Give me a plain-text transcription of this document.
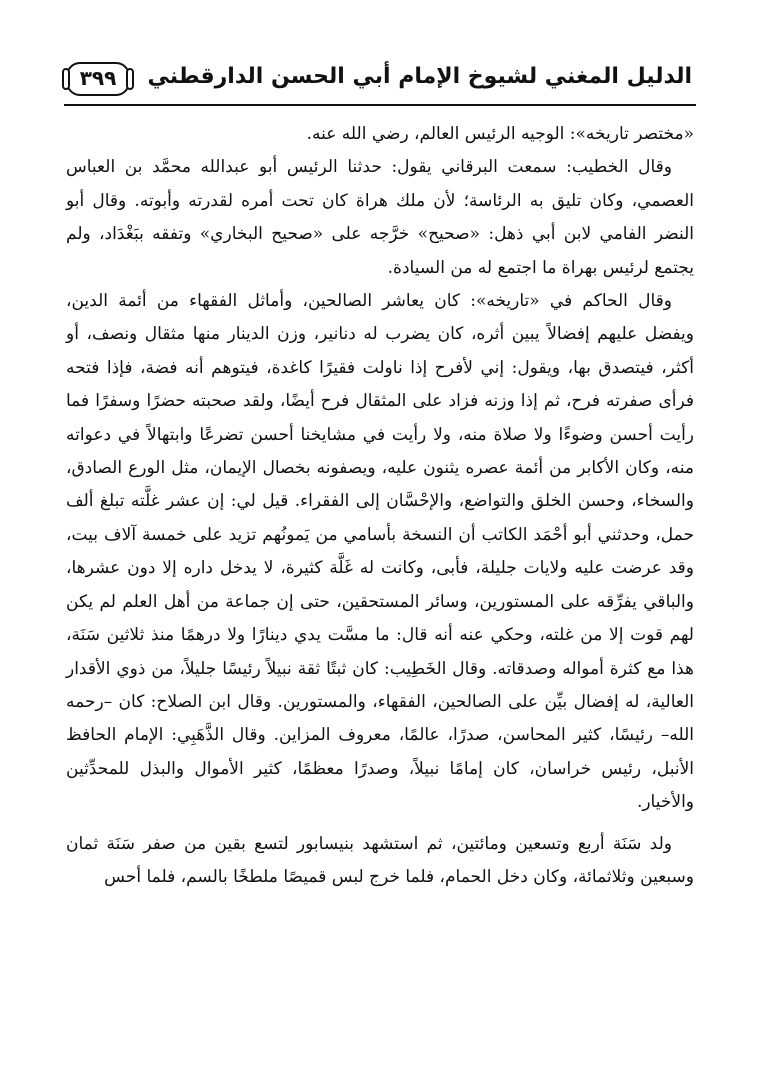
الدليل المغني لشيوخ الإمام أبي الحسن الدارقطني
٣٩٩

«مختصر تاريخه»: الوجيه الرئيس العالم، رضي الله عنه.

وقال الخطيب: سمعت البرقاني يقول: حدثنا الرئيس أبو عبدالله محمَّد بن العباس العصمي، وكان تليق به الرئاسة؛ لأن ملك هراة كان تحت أمره لقدرته وأبوته. وقال أبو النضر الفامي لابن أبي ذهل: «صحيح» خرَّجه على «صحيح البخاري» وتفقه ببَغْدَاد، ولم يجتمع لرئيس بهراة ما اجتمع له من السيادة.

وقال الحاكم في «تاريخه»: كان يعاشر الصالحين، وأماثل الفقهاء من أئمة الدين، ويفضل عليهم إفضالاً يبين أثره، كان يضرب له دنانير، وزن الدينار منها مثقال ونصف، أو أكثر، فيتصدق بها، ويقول: إني لأفرح إذا ناولت فقيرًا كاغدة، فيتوهم أنه فضة، فإذا فتحه فرأى صفرته فرح، ثم إذا وزنه فزاد على المثقال فرح أيضًا، ولقد صحبته حضرًا وسفرًا فما رأيت أحسن وضوءًا ولا صلاة منه، ولا رأيت في مشايخنا أحسن تضرعًا وابتهالاً في دعواته منه، وكان الأكابر من أئمة عصره يثنون عليه، ويصفونه بخصال الإيمان، مثل الورع الصادق، والسخاء، وحسن الخلق والتواضع، والإحْسَّان إلى الفقراء. قيل لي: إن عشر غلَّته تبلغ ألف حمل، وحدثني أبو أحْمَد الكاتب أن النسخة بأسامي من يَمونُهم تزيد على خمسة آلاف بيت، وقد عرضت عليه ولايات جليلة، فأبى، وكانت له غَلَّة كثيرة، لا يدخل داره إلا دون عشرها، والباقي يفرِّقه على المستورين، وسائر المستحقين، حتى إن جماعة من أهل العلم لم يكن لهم قوت إلا من غلته، وحكي عنه أنه قال: ما مسَّت يدي دينارًا ولا درهمًا منذ ثلاثين سَنَة، هذا مع كثرة أمواله وصدقاته. وقال الخَطِيب: كان ثبتًا ثقة نبيلاً رئيسًا جليلاً، من ذوي الأقدار العالية، له إفضال بيِّن على الصالحين، الفقهاء، والمستورين. وقال ابن الصلاح: كان –رحمه الله– رئيسًا، كثير المحاسن، صدرًا، عالمًا، معروف المزاين. وقال الذَّهَبِي: الإمام الحافظ الأنبل، رئيس خراسان، كان إمامًا نبيلاً، وصدرًا معظمًا، كثير الأموال والبذل للمحدِّثين والأخيار.

ولد سَنَة أربع وتسعين ومائتين، ثم استشهد بنيسابور لتسع بقين من صفر سَنَة ثمان وسبعين وثلاثمائة، وكان دخل الحمام، فلما خرج لبس قميصًا ملطخًا بالسم، فلما أحس
